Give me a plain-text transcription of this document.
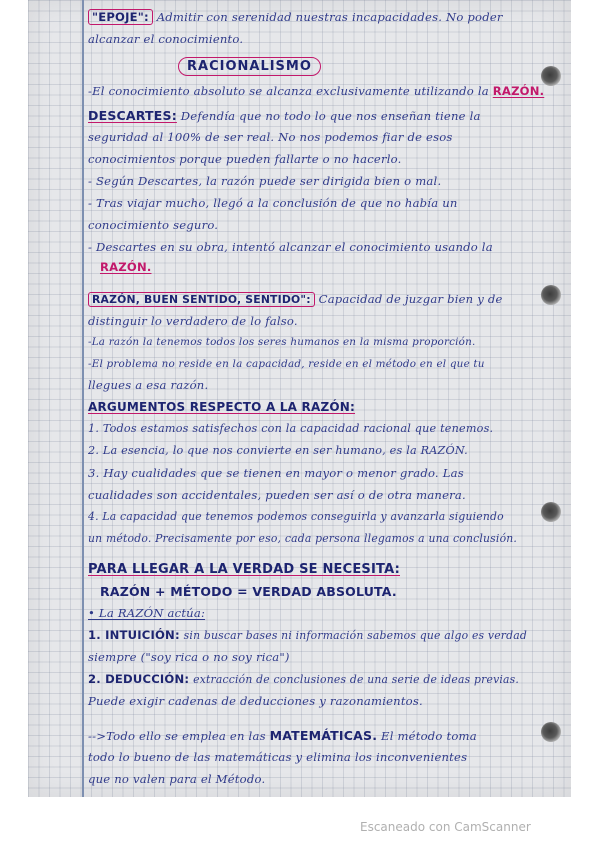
"EPOJE": Admitir con serenidad nuestras incapacidades. No poder
alcanzar el conocimiento.
RACIONALISMO
-El conocimiento absoluto se alcanza exclusivamente utilizando la RAZÓN.
DESCARTES: Defendía que no todo lo que nos enseñan tiene la
seguridad al 100% de ser real. No nos podemos fiar de esos
conocimientos porque pueden fallarte o no hacerlo.
- Según Descartes, la razón puede ser dirigida bien o mal.
- Tras viajar mucho, llegó a la conclusión de que no había un
conocimiento seguro.
- Descartes en su obra, intentó alcanzar el conocimiento usando la
RAZÓN.
RAZÓN, BUEN SENTIDO, SENTIDO": Capacidad de juzgar bien y de
distinguir lo verdadero de lo falso.
-La razón la tenemos todos los seres humanos en la misma proporción.
-El problema no reside en la capacidad, reside en el método en el que tu
llegues a esa razón.
ARGUMENTOS RESPECTO A LA RAZÓN:
1. Todos estamos satisfechos con la capacidad racional que tenemos.
2. La esencia, lo que nos convierte en ser humano, es la RAZÓN.
3. Hay cualidades que se tienen en mayor o menor grado. Las
cualidades son accidentales, pueden ser así o de otra manera.
4. La capacidad que tenemos podemos conseguirla y avanzarla siguiendo
un método. Precisamente por eso, cada persona llegamos a una conclusión.
PARA LLEGAR A LA VERDAD SE NECESITA:
RAZÓN + MÉTODO = VERDAD ABSOLUTA.
• La RAZÓN actúa:
1. INTUICIÓN: sin buscar bases ni información sabemos que algo es verdad
siempre ("soy rica o no soy rica")
2. DEDUCCIÓN: extracción de conclusiones de una serie de ideas previas.
Puede exigir cadenas de deducciones y razonamientos.
-->Todo ello se emplea en las MATEMÁTICAS. El método toma
todo lo bueno de las matemáticas y elimina los inconvenientes
que no valen para el Método.
Escaneado con CamScanner
